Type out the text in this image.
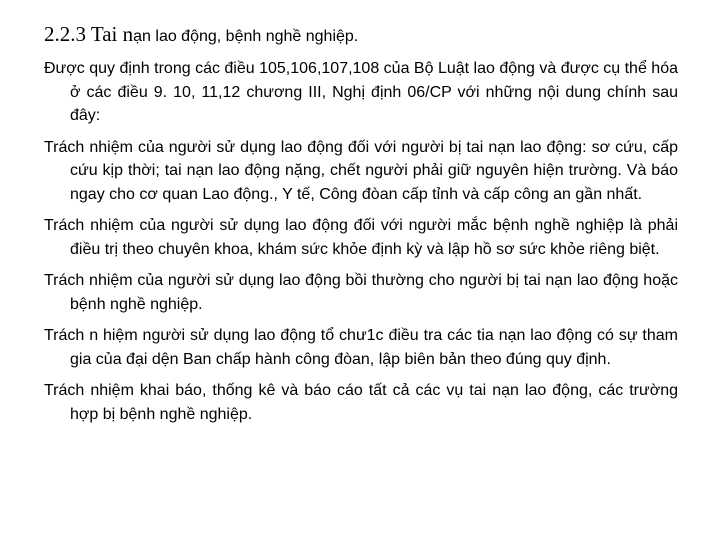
2.2.3 Tai nạn lao động, bệnh nghề nghiệp.

Được quy định trong các điều 105,106,107,108 của Bộ Luật lao động và được cụ thể hóa ở các điều 9. 10, 11,12 chương III, Nghị định 06/CP với những nội dung chính sau đây:

Trách nhiệm của người sử dụng lao động đối với người bị tai nạn lao động: sơ cứu, cấp cứu kịp thời; tai nạn lao động nặng, chết người phải giữ nguyên hiện trường. Và báo ngay cho cơ quan Lao động., Y tế, Công đòan cấp tỉnh và cấp công an gần nhất.

Trách nhiệm của người sử dụng lao động đối với người mắc bệnh nghề nghiệp là phải điều trị theo chuyên khoa, khám sức khỏe định kỳ và lập hồ sơ sức khỏe riêng biệt.

Trách nhiệm của người sử dụng lao động bồi thường cho người bị tai nạn lao động hoặc bệnh nghề nghiệp.

Trách n hiệm người sử dụng lao động tổ chư1c điều tra các tia nạn lao động có sự tham gia của đại dện Ban chấp hành công đòan, lập biên bản theo đúng quy định.

Trách nhiệm khai báo, thống kê và báo cáo tất cả các vụ tai nạn lao động, các trường hợp bị bệnh nghề nghiệp.
